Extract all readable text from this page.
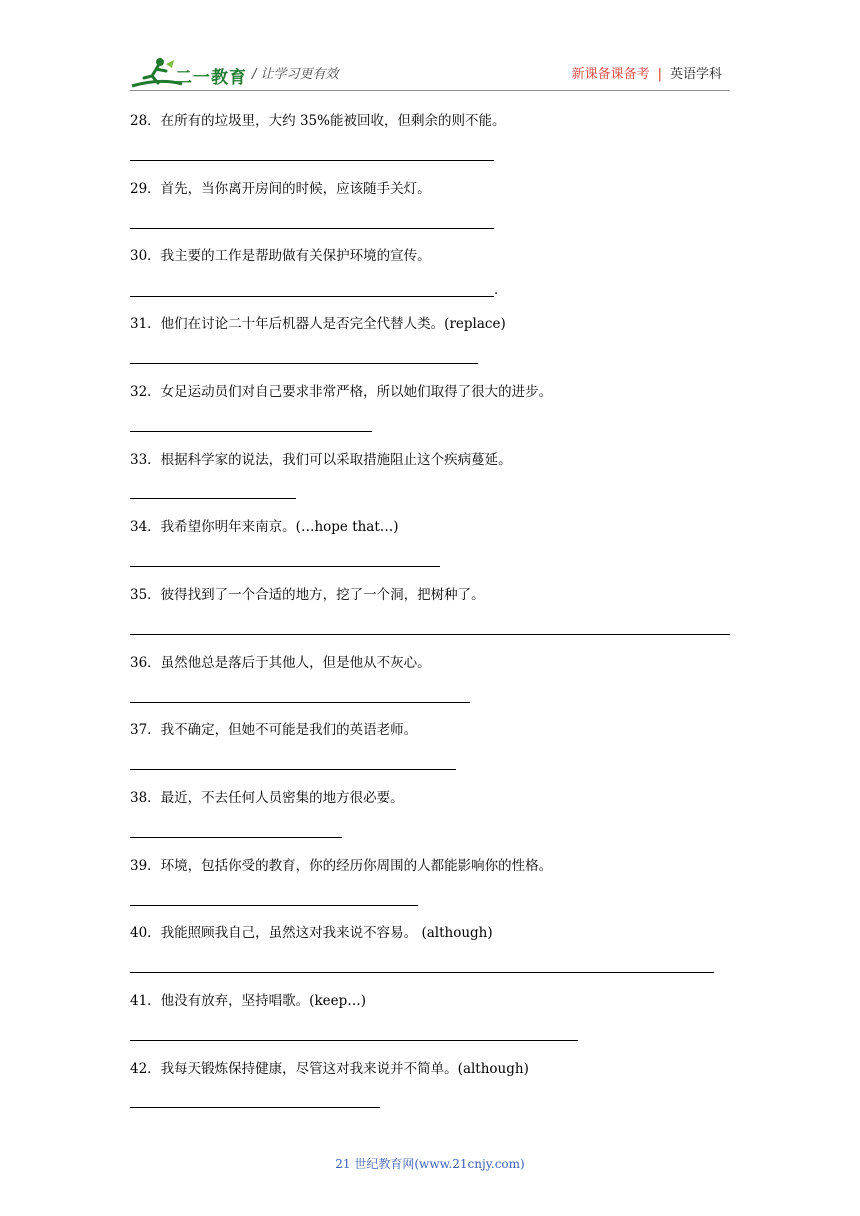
二一教育 / 让学习更有效	新课备课备考 | 英语学科
28．在所有的垃圾里，大约 35%能被回收，但剩余的则不能。
29．首先，当你离开房间的时候，应该随手关灯。
30．我主要的工作是帮助做有关保护环境的宣传。
.
31．他们在讨论二十年后机器人是否完全代替人类。(replace)
32．女足运动员们对自己要求非常严格，所以她们取得了很大的进步。
33．根据科学家的说法，我们可以采取措施阻止这个疾病蔓延。
34．我希望你明年来南京。(…hope that…)
35．彼得找到了一个合适的地方，挖了一个洞，把树种了。
36．虽然他总是落后于其他人，但是他从不灰心。
37．我不确定，但她不可能是我们的英语老师。
38．最近，不去任何人员密集的地方很必要。
39．环境，包括你受的教育，你的经历你周围的人都能影响你的性格。
40．我能照顾我自己，虽然这对我来说不容易。 (although)
41．他没有放弃，坚持唱歌。(keep…)
42．我每天锻炼保持健康，尽管这对我来说并不简单。(although)
21 世纪教育网(www.21cnjy.com)
